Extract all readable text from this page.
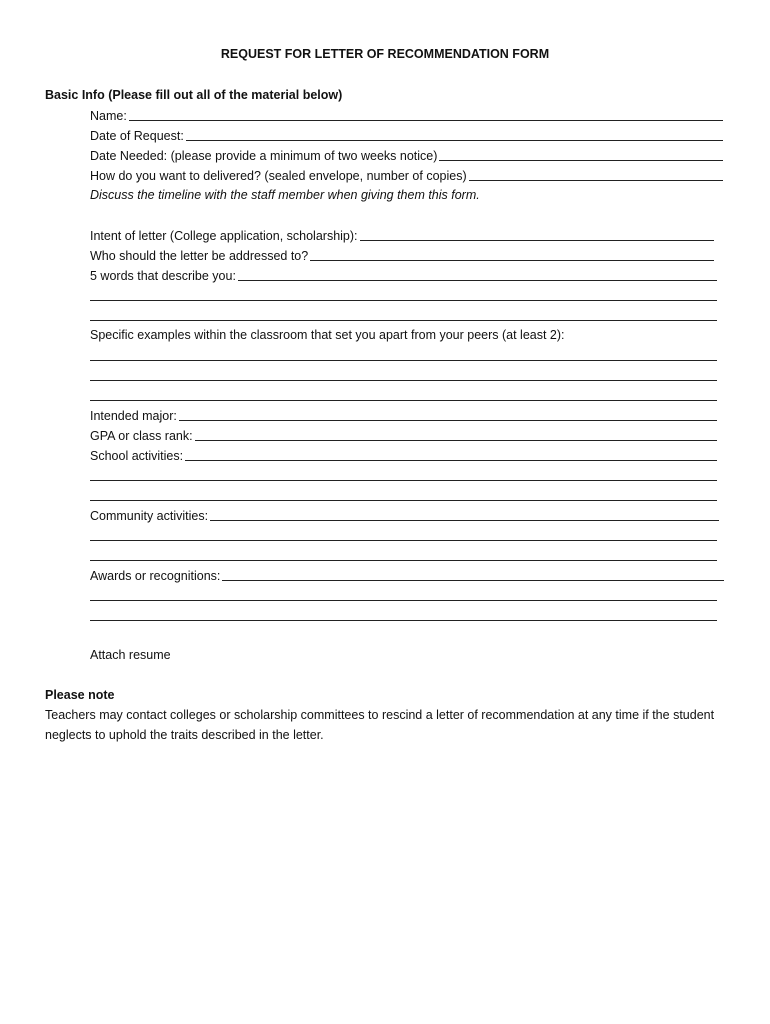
REQUEST FOR LETTER OF RECOMMENDATION FORM
Basic Info (Please fill out all of the material below)
Name:
Date of Request:
Date Needed: (please provide a minimum of two weeks notice)
How do you want to delivered? (sealed envelope, number of copies)
Discuss the timeline with the staff member when giving them this form.
Intent of letter (College application, scholarship):
Who should the letter be addressed to?
5 words that describe you:
Specific examples within the classroom that set you apart from your peers (at least 2):
Intended major:
GPA or class rank:
School activities:
Community activities:
Awards or recognitions:
Attach resume
Please note
Teachers may contact colleges or scholarship committees to rescind a letter of recommendation at any time if the student neglects to uphold the traits described in the letter.
